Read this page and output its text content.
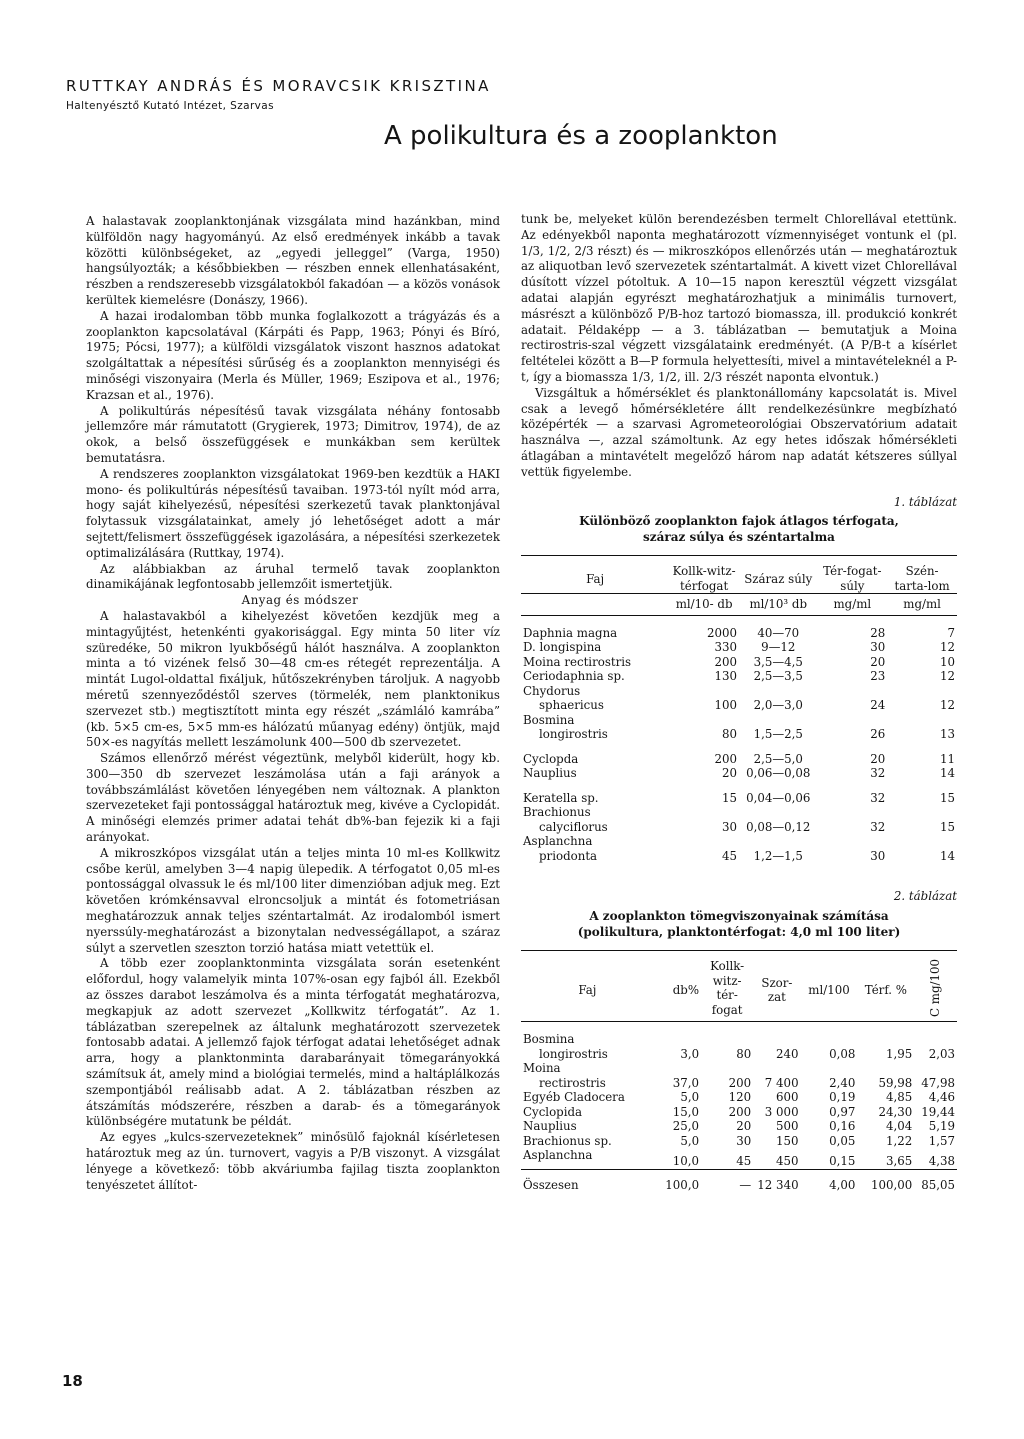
RUTTKAY ANDRÁS ÉS MORAVCSIK KRISZTINA
Haltenyésztő Kutató Intézet, Szarvas
A polikultura és a zooplankton

A halastavak zooplanktonjának vizsgálata mind hazánkban, mind külföldön nagy hagyományú. Az első eredmények inkább a tavak közötti különbségeket, az „egyedi jelleggel” (Varga, 1950) hangsúlyozták; a későbbiekben — részben ennek ellenhatásaként, részben a rendszeresebb vizsgálatokból fakadóan — a közös vonások kerültek kiemelésre (Donászy, 1966).

A hazai irodalomban több munka foglalkozott a trágyázás és a zooplankton kapcsolatával (Kárpáti és Papp, 1963; Pónyi és Bíró, 1975; Pócsi, 1977); a külföldi vizsgálatok viszont hasznos adatokat szolgáltattak a népesítési sűrűség és a zooplankton mennyiségi és minőségi viszonyaira (Merla és Müller, 1969; Eszipova et al., 1976; Krazsan et al., 1976).

A polikultúrás népesítésű tavak vizsgálata néhány fontosabb jellemzőre már rámutatott (Grygierek, 1973; Dimitrov, 1974), de az okok, a belső összefüggések e munkákban sem kerültek bemutatásra.

A rendszeres zooplankton vizsgálatokat 1969-ben kezdtük a HAKI mono- és polikultúrás népesítésű tavaiban. 1973-tól nyílt mód arra, hogy saját kihelyezésű, népesítési szerkezetű tavak planktonjával folytassuk vizsgálatainkat, amely jó lehetőséget adott a már sejtett/felismert összefüggések igazolására, a népesítési szerkezetek optimalizálására (Ruttkay, 1974).

Az alábbiakban az áruhal termelő tavak zooplankton dinamikájának legfontosabb jellemzőit ismertetjük.

Anyag és módszer

A halastavakból a kihelyezést követően kezdjük meg a mintagyűjtést, hetenkénti gyakorisággal. Egy minta 50 liter víz szüredéke, 50 mikron lyukbőségű hálót használva. A zooplankton minta a tó vizének felső 30—48 cm-es rétegét reprezentálja. A mintát Lugol-oldattal fixáljuk, hűtőszekrényben tároljuk. A nagyobb méretű szennyeződéstől szerves (törmelék, nem planktonikus szervezet stb.) megtisztított minta egy részét „számláló kamrába” (kb. 5×5 cm-es, 5×5 mm-es hálózatú műanyag edény) öntjük, majd 50×-es nagyítás mellett leszámolunk 400—500 db szervezetet.

Számos ellenőrző mérést végeztünk, melyből kiderült, hogy kb. 300—350 db szervezet leszámolása után a faji arányok a továbbszámlálást követően lényegében nem változnak. A plankton szervezeteket faji pontossággal határoztuk meg, kivéve a Cyclopidát. A minőségi elemzés primer adatai tehát db%-ban fejezik ki a faji arányokat.

A mikroszkópos vizsgálat után a teljes minta 10 ml-es Kollkwitz csőbe kerül, amelyben 3—4 napig ülepedik. A térfogatot 0,05 ml-es pontossággal olvassuk le és ml/100 liter dimenzióban adjuk meg. Ezt követően krómkénsavval elroncsoljuk a mintát és fotometriásan meghatározzuk annak teljes széntartalmát. Az irodalomból ismert nyerssúly-meghatározást a bizonytalan nedvességállapot, a száraz súlyt a szervetlen szeszton torzió hatása miatt vetettük el.

A több ezer zooplanktonminta vizsgálata során esetenként előfordul, hogy valamelyik minta 107%-osan egy fajból áll. Ezekből az összes darabot leszámolva és a minta térfogatát meghatározva, megkapjuk az adott szervezet „Kollkwitz térfogatát”. Az 1. táblázatban szerepelnek az általunk meghatározott szervezetek fontosabb adatai. A jellemző fajok térfogat adatai lehetőséget adnak arra, hogy a planktonminta darabarányait tömegarányokká számítsuk át, amely mind a biológiai termelés, mind a haltáplálkozás szempontjából reálisabb adat. A 2. táblázatban részben az átszámítás módszerére, részben a darab- és a tömegarányok különbségére mutatunk be példát.

Az egyes „kulcs-szervezeteknek” minősülő fajoknál kísérletesen határoztuk meg az ún. turnovert, vagyis a P/B viszonyt. A vizsgálat lényege a következő: több akváriumba fajilag tiszta zooplankton tenyészetet állítot-

tunk be, melyeket külön berendezésben termelt Chlorellával etettünk. Az edényekből naponta meghatározott vízmennyiséget vontunk el (pl. 1/3, 1/2, 2/3 részt) és — mikroszkópos ellenőrzés után — meghatároztuk az aliquotban levő szervezetek széntartalmát. A kivett vizet Chlorellával dúsított vízzel pótoltuk. A 10—15 napon keresztül végzett vizsgálat adatai alapján egyrészt meghatározhatjuk a minimális turnovert, másrészt a különböző P/B-hoz tartozó biomassza, ill. produkció konkrét adatait. Példaképp — a 3. táblázatban — bemutatjuk a Moina rectirostris-szal végzett vizsgálataink eredményét. (A P/B-t a kísérlet feltételei között a B—P formula helyettesíti, mivel a mintavételeknél a P-t, így a biomassza 1/3, 1/2, ill. 2/3 részét naponta elvontuk.)

Vizsgáltuk a hőmérséklet és planktonállomány kapcsolatát is. Mivel csak a levegő hőmérsékletére állt rendelkezésünkre megbízható középérték — a szarvasi Agrometeorológiai Obszervatórium adatait használva —, azzal számoltunk. Az egy hetes időszak hőmérsékleti átlagában a mintavételt megelőző három nap adatát kétszeres súllyal vettük figyelembe.

1. táblázat
Különböző zooplankton fajok átlagos térfogata,
száraz súlya és széntartalma
Faj	Kollk-witz-térfogat	Száraz súly	Tér-fogat-súly	Szén-tarta-lom
	ml/10- db	ml/10³ db	mg/ml	mg/ml
Daphnia magna	2000	40—70	28	7
D. longispina	330	9—12	30	12
Moina rectirostris	200	3,5—4,5	20	10
Ceriodaphnia sp.	130	2,5—3,5	23	12
Chydorus				
sphaericus	100	2,0—3,0	24	12
Bosmina				
longirostris	80	1,5—2,5	26	13
Cyclopda	200	2,5—5,0	20	11
Nauplius	20	0,06—0,08	32	14
Keratella sp.	15	0,04—0,06	32	15
Brachionus				
calyciflorus	30	0,08—0,12	32	15
Asplanchna				
priodonta	45	1,2—1,5	30	14
2. táblázat
A zooplankton tömegviszonyainak számítása
(polikultura, planktontérfogat: 4,0 ml 100 liter)
Faj	db%	Kollk-witz-tér-fogat	Szor-zat	ml/100	Térf. %	C mg/100
Bosmina						
longirostris	3,0	80	240	0,08	1,95	2,03
Moina						
rectirostris	37,0	200	7 400	2,40	59,98	47,98
Egyéb Cladocera	5,0	120	600	0,19	4,85	4,46
Cyclopida	15,0	200	3 000	0,97	24,30	19,44
Nauplius	25,0	20	500	0,16	4,04	5,19
Brachionus sp.	5,0	30	150	0,05	1,22	1,57
Asplanchna	10,0	45	450	0,15	3,65	4,38
Összesen	100,0	—	12 340	4,00	100,00	85,05
18
